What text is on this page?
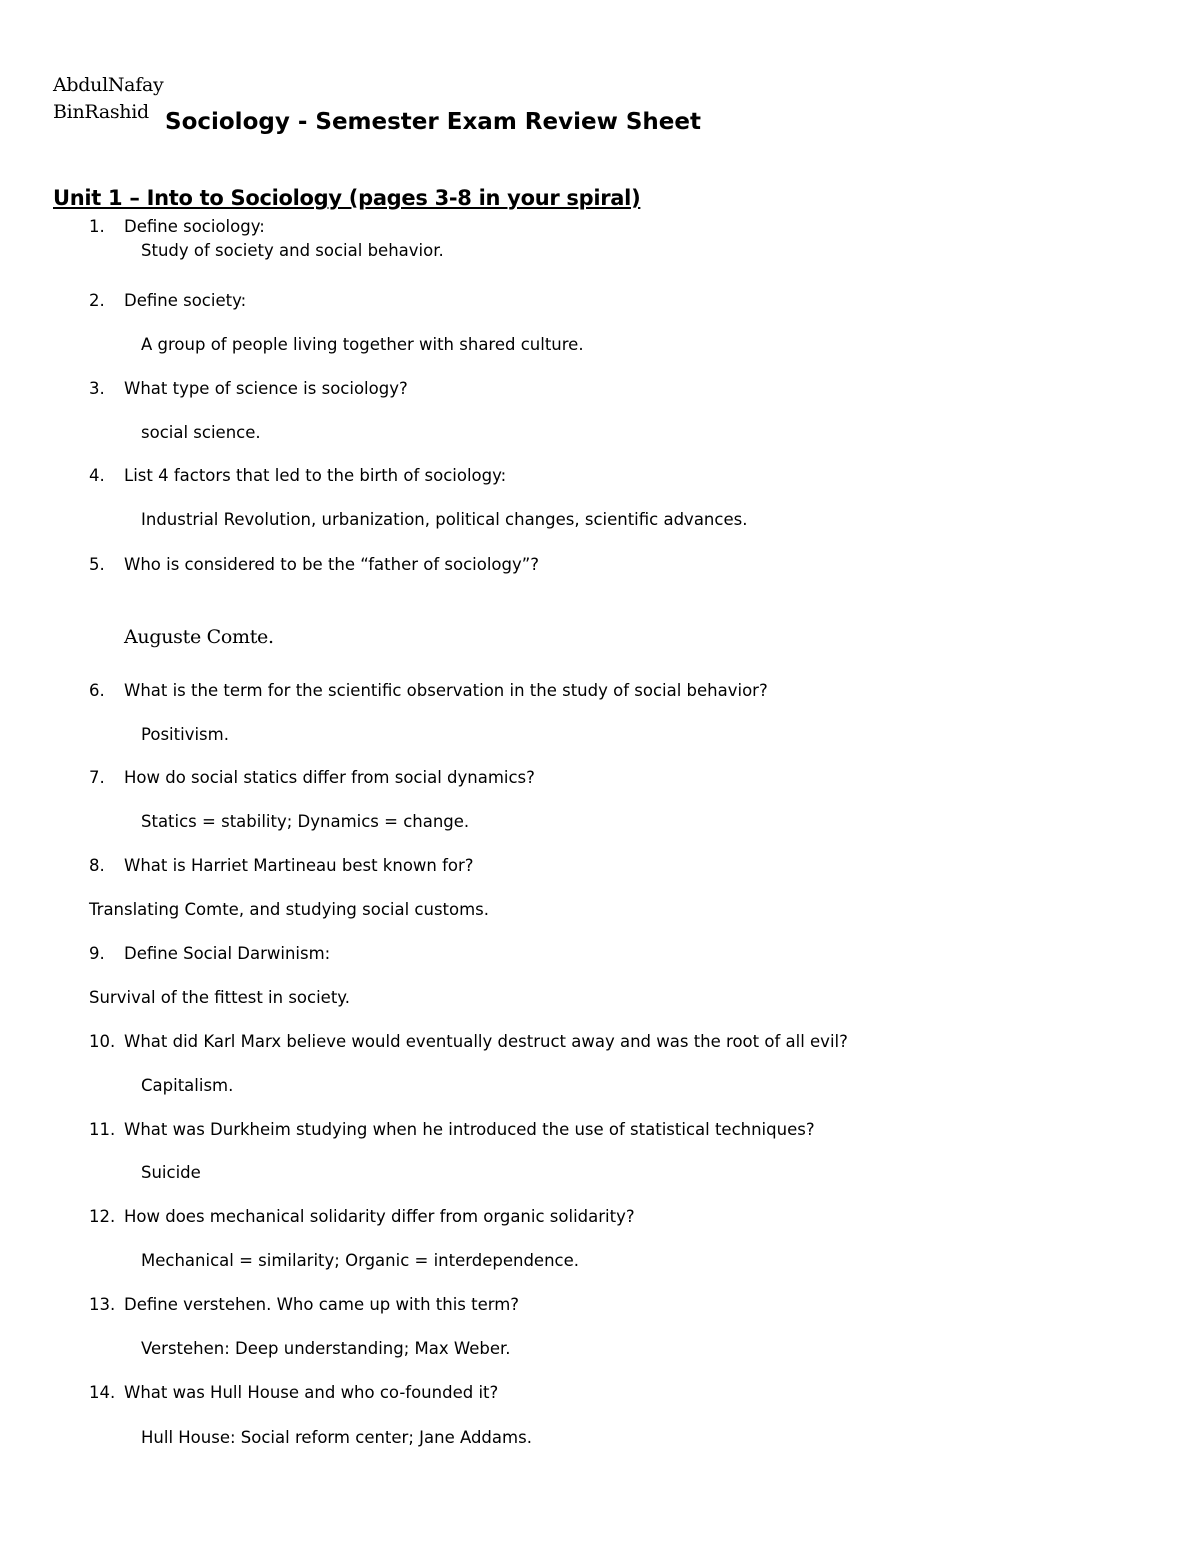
AbdulNafay
BinRashid Sociology - Semester Exam Review Sheet
Unit 1 – Into to Sociology (pages 3-8 in your spiral)
1. Define sociology:
Study of society and social behavior.
2. Define society:
A group of people living together with shared culture.
3. What type of science is sociology?
social science.
4. List 4 factors that led to the birth of sociology:
Industrial Revolution, urbanization, political changes, scientific advances.
5. Who is considered to be the “father of sociology”?
Auguste Comte.
6. What is the term for the scientific observation in the study of social behavior?
Positivism.
7. How do social statics differ from social dynamics?
Statics = stability; Dynamics = change.
8. What is Harriet Martineau best known for?
Translating Comte, and studying social customs.
9. Define Social Darwinism:
Survival of the fittest in society.
10. What did Karl Marx believe would eventually destruct away and was the root of all evil?
Capitalism.
11. What was Durkheim studying when he introduced the use of statistical techniques?
Suicide
12. How does mechanical solidarity differ from organic solidarity?
Mechanical = similarity; Organic = interdependence.
13. Define verstehen. Who came up with this term?
Verstehen: Deep understanding; Max Weber.
14. What was Hull House and who co-founded it?
Hull House: Social reform center; Jane Addams.
